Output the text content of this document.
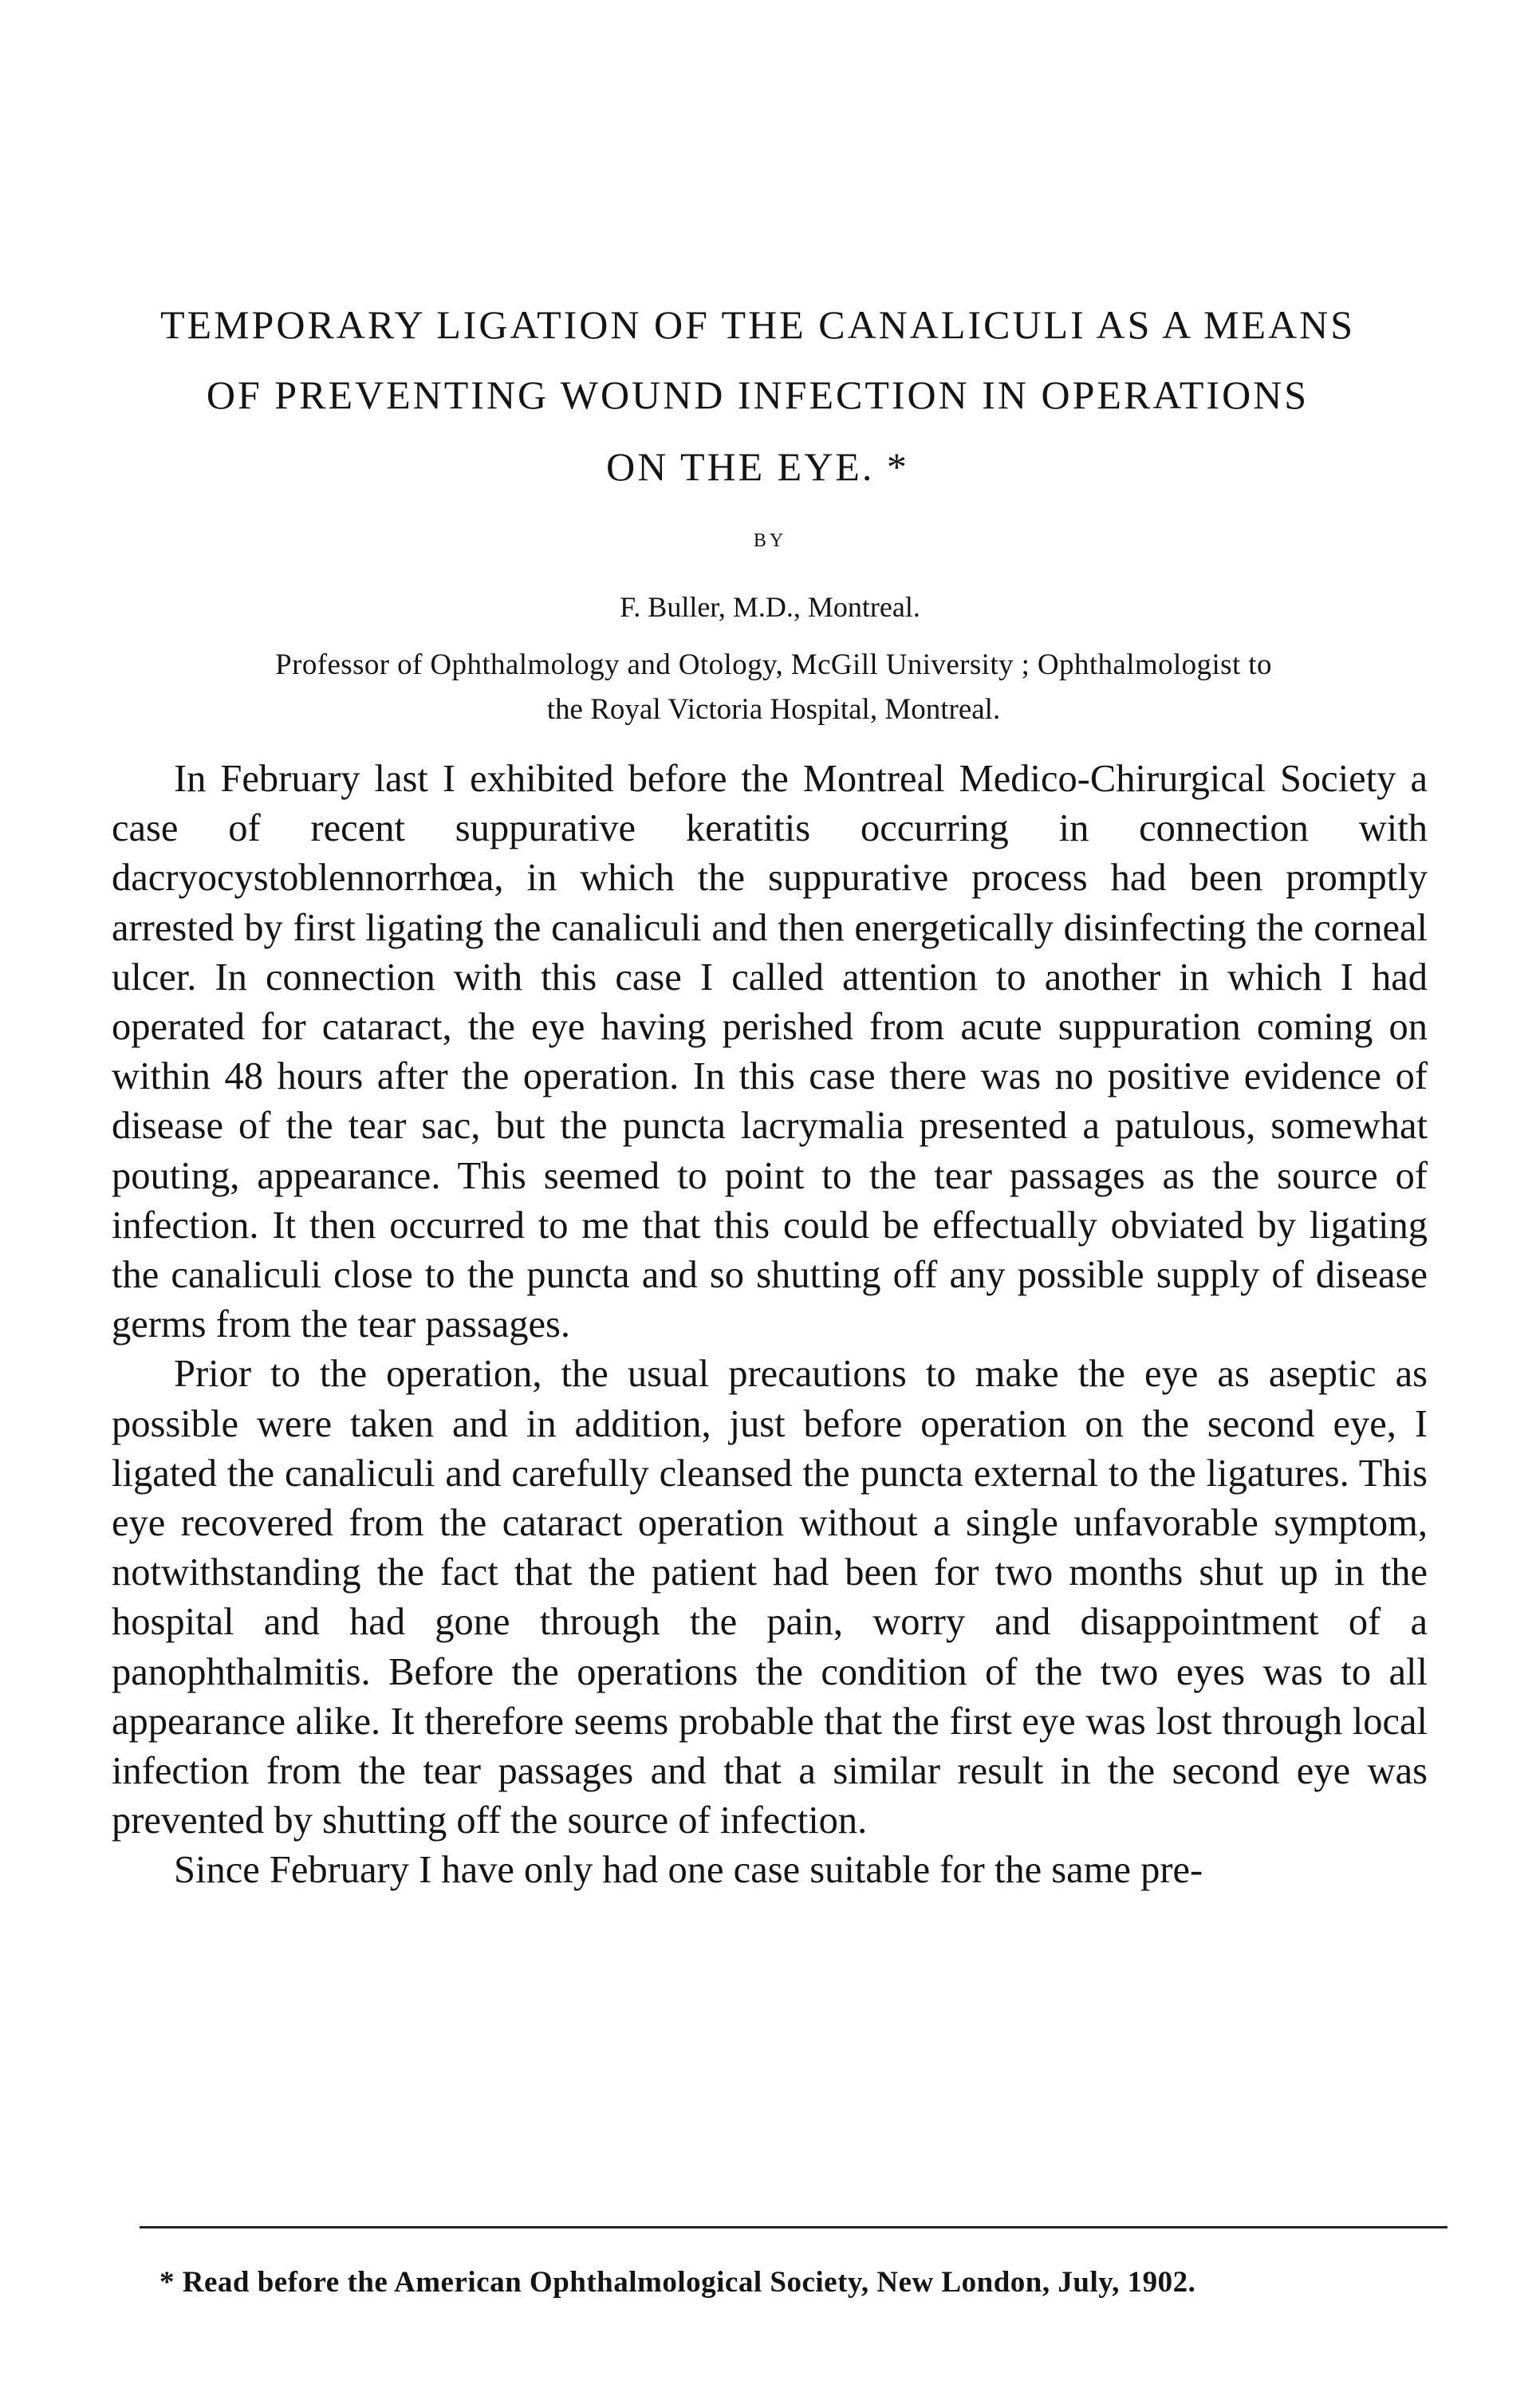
TEMPORARY LIGATION OF THE CANALICULI AS A MEANS
OF PREVENTING WOUND INFECTION IN OPERATIONS
ON THE EYE. *
BY
F. Buller, M.D., Montreal.
Professor of Ophthalmology and Otology, McGill University ; Ophthalmologist to
the Royal Victoria Hospital, Montreal.

In February last I exhibited before the Montreal Medico-Chirurgical Society a case of recent suppurative keratitis occurring in connection with dacryocystoblennorrhœa, in which the suppurative process had been promptly arrested by first ligating the canaliculi and then energetically disinfecting the corneal ulcer. In connection with this case I called attention to another in which I had operated for cataract, the eye having perished from acute suppuration coming on within 48 hours after the operation. In this case there was no positive evidence of disease of the tear sac, but the puncta lacrymalia presented a patulous, somewhat pouting, appearance. This seemed to point to the tear passages as the source of infection. It then occurred to me that this could be effectually obviated by ligating the canaliculi close to the puncta and so shutting off any possible supply of disease germs from the tear passages.

Prior to the operation, the usual precautions to make the eye as aseptic as possible were taken and in addition, just before operation on the second eye, I ligated the canaliculi and carefully cleansed the puncta external to the ligatures. This eye recovered from the cataract operation without a single unfavorable symptom, notwithstanding the fact that the patient had been for two months shut up in the hospital and had gone through the pain, worry and disappointment of a panophthalmitis. Before the operations the condition of the two eyes was to all appearance alike. It therefore seems probable that the first eye was lost through local infection from the tear passages and that a similar result in the second eye was prevented by shutting off the source of infection.

Since February I have only had one case suitable for the same pre-

* Read before the American Ophthalmological Society, New London, July, 1902.
